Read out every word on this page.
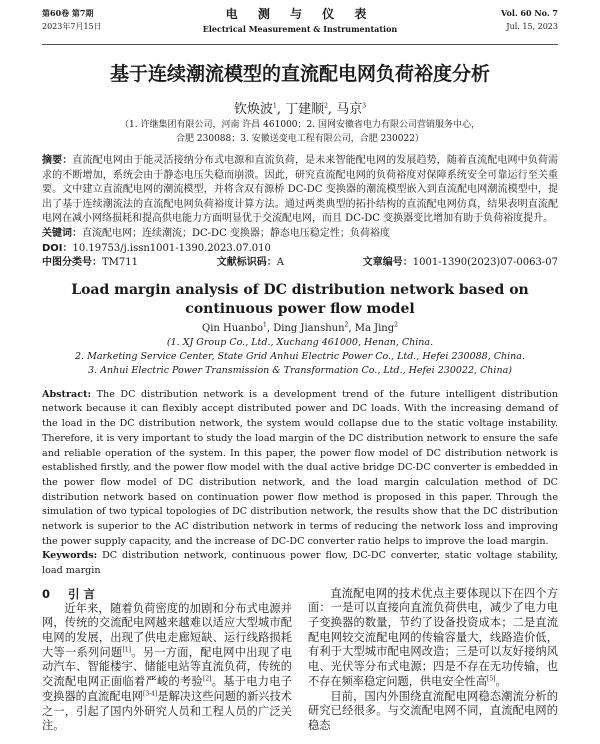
第60卷 第7期
2023年7月15日
电 测 与 仪 表
Electrical Measurement & Instrumentation
Vol. 60 No. 7
Jul. 15, 2023
基于连续潮流模型的直流配电网负荷裕度分析
钦焕波$^1$, 丁建顺$^2$, 马京$^3$
（1. 许继集团有限公司，河南 许昌 461000；2. 国网安徽省电力有限公司营销服务中心，
合肥 230088；3. 安徽送变电工程有限公司，合肥 230022）
摘要：直流配电网由于能灵活接纳分布式电源和直流负荷，是未来智能配电网的发展趋势，随着直流配电网中负荷需求的不断增加，系统会由于静态电压失稳而崩溃。因此，研究直流配电网的负荷裕度对保障系统安全可靠运行至关重要。文中建立直流配电网的潮流模型，并将含双有源桥 DC-DC 变换器的潮流模型嵌入到直流配电网潮流模型中，提出了基于连续潮流法的直流配电网负荷裕度计算方法。通过两类典型的拓扑结构的直流配电网仿真，结果表明直流配电网在减小网络损耗和提高供电能力方面明显优于交流配电网，而且 DC-DC 变换器变比增加有助于负荷裕度提升。
关键词：直流配电网；连续潮流；DC-DC 变换器；静态电压稳定性；负荷裕度
DOI：10.19753/j.issn1001-1390.2023.07.010
中图分类号：TM711	文献标识码：A	文章编号：1001-1390(2023)07-0063-07
Load margin analysis of DC distribution network based on
continuous power flow model
Qin Huanbo$^1$, Ding Jianshun$^2$, Ma Jing$^2$
(1. XJ Group Co., Ltd., Xuchang 461000, Henan, China.
2. Marketing Service Center, State Grid Anhui Electric Power Co., Ltd., Hefei 230088, China.
3. Anhui Electric Power Transmission & Transformation Co., Ltd., Hefei 230022, China)
Abstract: The DC distribution network is a development trend of the future intelligent distribution network because it can flexibly accept distributed power and DC loads. With the increasing demand of the load in the DC distribution network, the system would collapse due to the static voltage instability. Therefore, it is very important to study the load margin of the DC distribution network to ensure the safe and reliable operation of the system. In this paper, the power flow model of DC distribution network is established firstly, and the power flow model with the dual active bridge DC-DC converter is embedded in the power flow model of DC distribution network, and the load margin calculation method of DC distribution network based on continuation power flow method is proposed in this paper. Through the simulation of two typical topologies of DC distribution network, the results show that the DC distribution network is superior to the AC distribution network in terms of reducing the network loss and improving the power supply capacity, and the increase of DC-DC converter ratio helps to improve the load margin.
Keywords: DC distribution network, continuous power flow, DC-DC converter, static voltage stability, load margin
0 引 言

近年来，随着负荷密度的加剧和分布式电源并网，传统的交流配电网越来越难以适应大型城市配电网的发展，出现了供电走廊短缺、运行线路损耗大等一系列问题[1]。另一方面，配电网中出现了电动汽车、智能楼宇、储能电站等直流负荷，传统的交流配电网正面临着严峻的考验[2]。基于电力电子变换器的直流配电网[3-4]是解决这些问题的新兴技术之一，引起了国内外研究人员和工程人员的广泛关注。

直流配电网的技术优点主要体现以下在四个方面：一是可以直接向直流负荷供电，减少了电力电子变换器的数量，节约了设备投资成本；二是直流配电网较交流配电网的传输容量大，线路造价低，有利于大型城市配电网改造；三是可以友好接纳风电、光伏等分布式电源；四是不存在无功传输，也不存在频率稳定问题，供电安全性高[5]。

目前，国内外围绕直流配电网稳态潮流分析的研究已经很多。与交流配电网不同，直流配电网的稳态
